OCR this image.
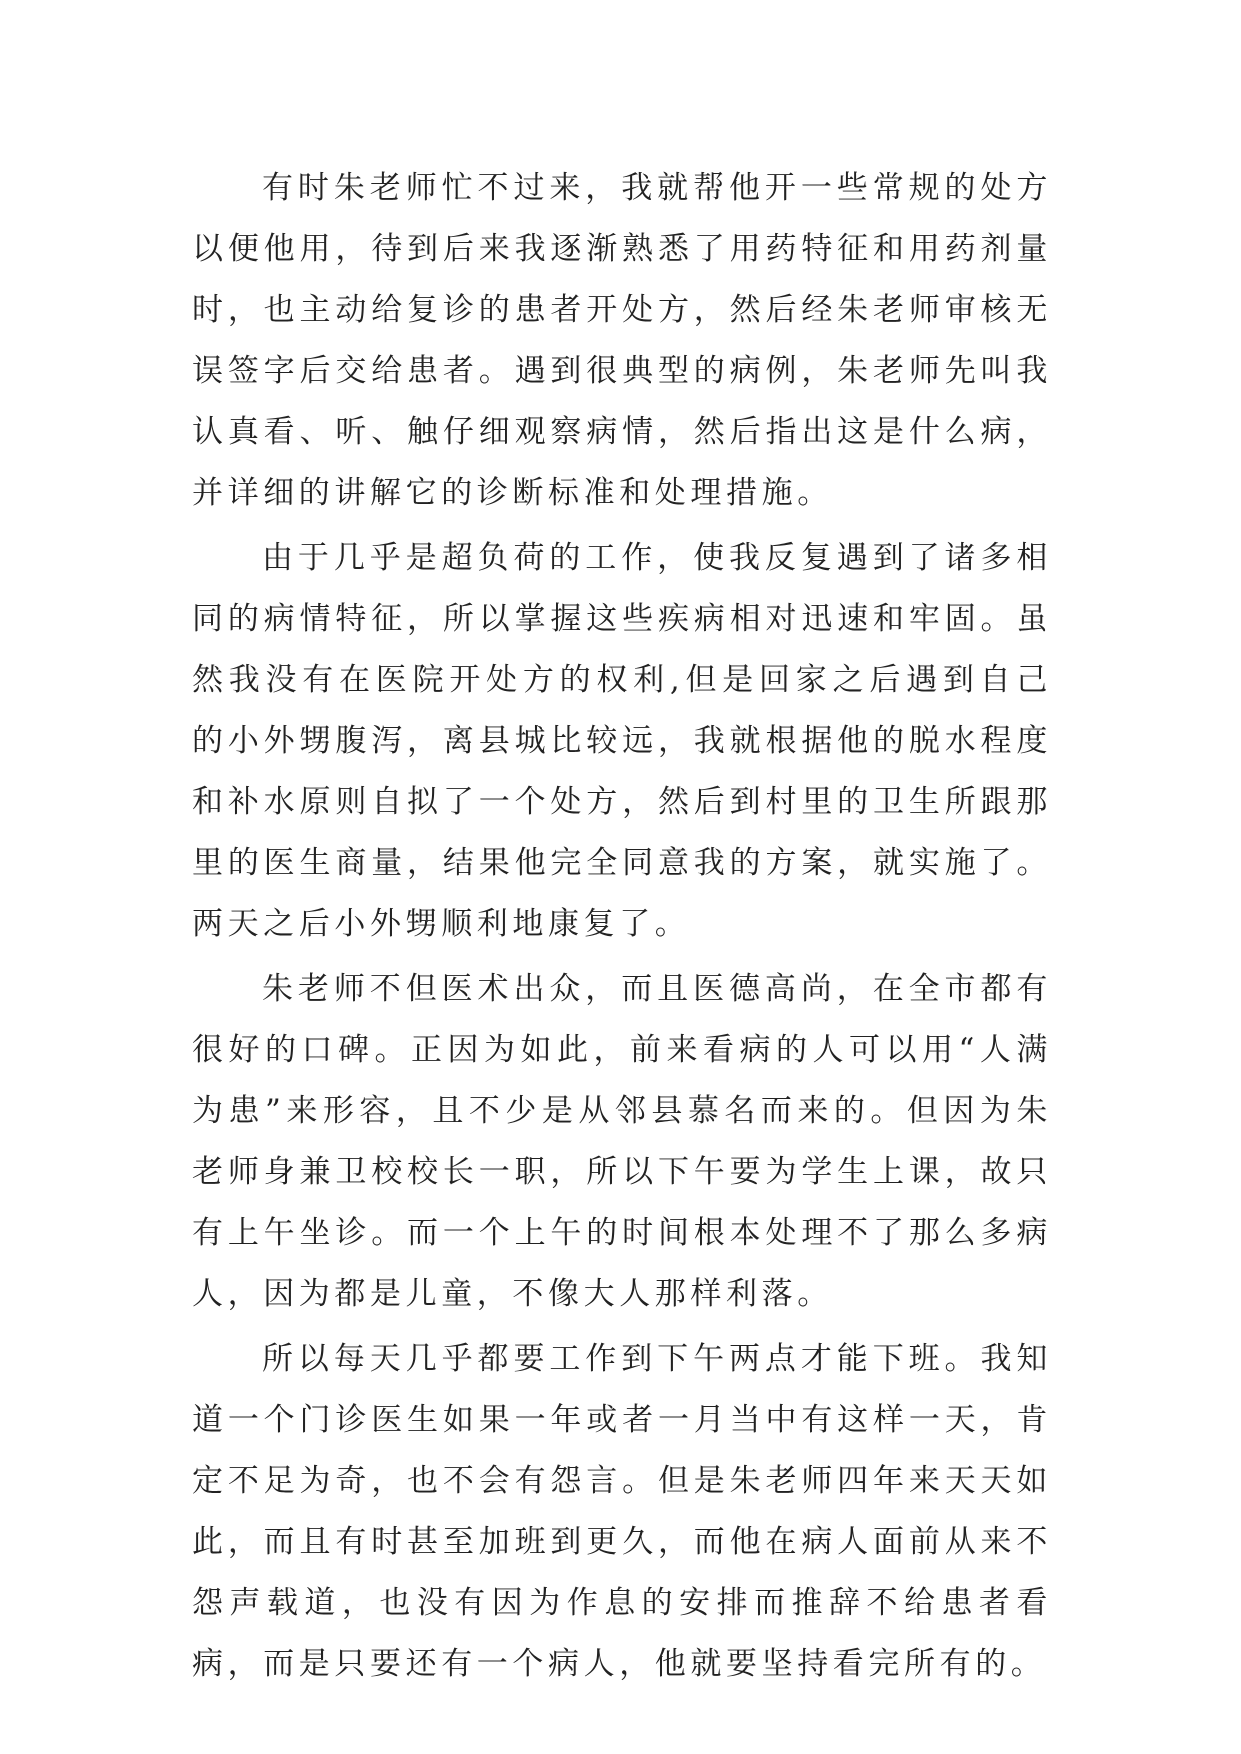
有时朱老师忙不过来，我就帮他开一些常规的处方以便他用，待到后来我逐渐熟悉了用药特征和用药剂量时，也主动给复诊的患者开处方，然后经朱老师审核无误签字后交给患者。遇到很典型的病例，朱老师先叫我认真看、听、触仔细观察病情，然后指出这是什么病，并详细的讲解它的诊断标准和处理措施。

由于几乎是超负荷的工作，使我反复遇到了诸多相同的病情特征，所以掌握这些疾病相对迅速和牢固。虽然我没有在医院开处方的权利,但是回家之后遇到自己的小外甥腹泻，离县城比较远，我就根据他的脱水程度和补水原则自拟了一个处方，然后到村里的卫生所跟那里的医生商量，结果他完全同意我的方案，就实施了。两天之后小外甥顺利地康复了。

朱老师不但医术出众，而且医德高尚，在全市都有很好的口碑。正因为如此，前来看病的人可以用“人满为患”来形容，且不少是从邻县慕名而来的。但因为朱老师身兼卫校校长一职，所以下午要为学生上课，故只有上午坐诊。而一个上午的时间根本处理不了那么多病人，因为都是儿童，不像大人那样利落。

所以每天几乎都要工作到下午两点才能下班。我知道一个门诊医生如果一年或者一月当中有这样一天，肯定不足为奇，也不会有怨言。但是朱老师四年来天天如此，而且有时甚至加班到更久，而他在病人面前从来不怨声载道，也没有因为作息的安排而推辞不给患者看病，而是只要还有一个病人，他就要坚持看完所有的。
